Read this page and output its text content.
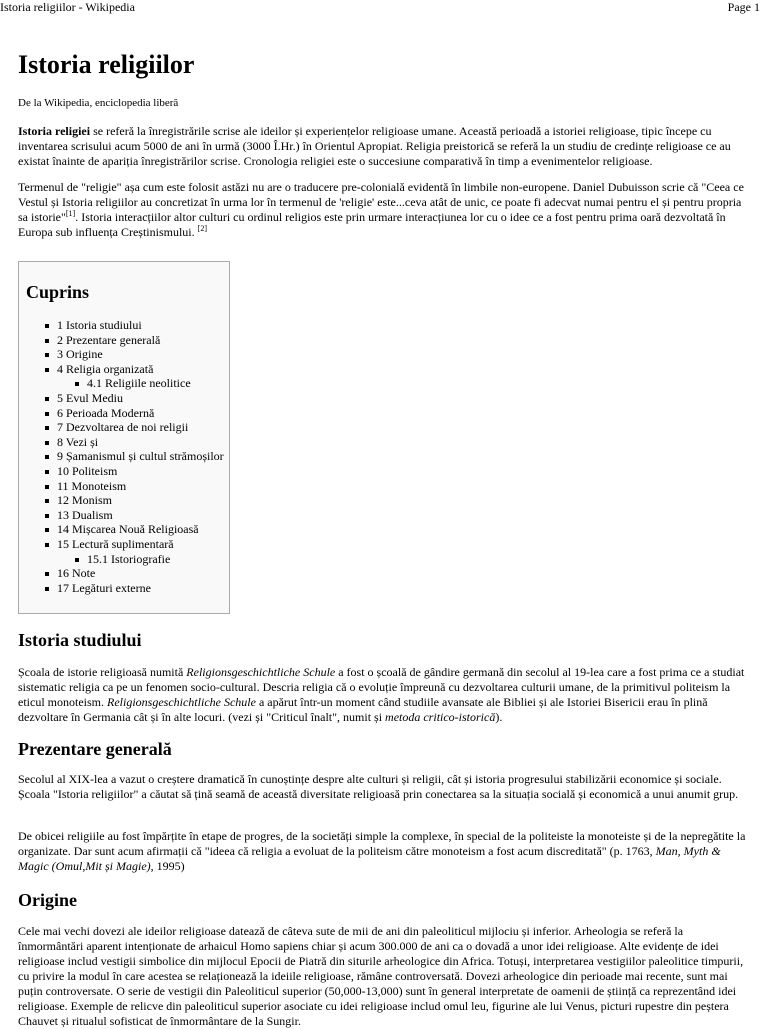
Istoria religiilor - Wikipedia	Page 1
Istoria religiilor
De la Wikipedia, enciclopedia liberă

Istoria religiei se referă la înregistrările scrise ale ideilor și experiențelor religioase umane. Această perioadă a istoriei religioase, tipic începe cu inventarea scrisului acum 5000 de ani în urmă (3000 Î.Hr.) în Orientul Apropiat. Religia preistorică se referă la un studiu de credințe religioase ce au existat înainte de apariția înregistrărilor scrise. Cronologia religiei este o succesiune comparativă în timp a evenimentelor religioase.

Termenul de "religie" așa cum este folosit astăzi nu are o traducere pre-colonială evidentă în limbile non-europene. Daniel Dubuisson scrie că "Ceea ce Vestul și Istoria religiilor au concretizat în urma lor în termenul de 'religie' este...ceva atât de unic, ce poate fi adecvat numai pentru el și pentru propria sa istorie"[1]. Istoria interacțiilor altor culturi cu ordinul religios este prin urmare interacțiunea lor cu o idee ce a fost pentru prima oară dezvoltată în Europa sub influența Creștinismului. [2]

Cuprins
1 Istoria studiului
2 Prezentare generală
3 Origine
4 Religia organizată
4.1 Religiile neolitice
5 Evul Mediu
6 Perioada Modernă
7 Dezvoltarea de noi religii
8 Vezi și
9 Șamanismul și cultul strămoșilor
10 Politeism
11 Monoteism
12 Monism
13 Dualism
14 Mișcarea Nouă Religioasă
15 Lectură suplimentară
15.1 Istoriografie
16 Note
17 Legături externe
Istoria studiului

Școala de istorie religioasă numită Religionsgeschichtliche Schule a fost o școală de gândire germană din secolul al 19-lea care a fost prima ce a studiat sistematic religia ca pe un fenomen socio-cultural. Descria religia că o evoluție împreună cu dezvoltarea culturii umane, de la primitivul politeism la eticul monoteism. Religionsgeschichtliche Schule a apărut într-un moment când studiile avansate ale Bibliei și ale Istoriei Bisericii erau în plină dezvoltare în Germania cât și în alte locuri. (vezi și "Criticul înalt", numit și metoda critico-istorică).

Prezentare generală

Secolul al XIX-lea a vazut o creștere dramatică în cunoștințe despre alte culturi și religii, cât și istoria progresului stabilizării economice și sociale. Școala "Istoria religiilor" a căutat să țină seamă de această diversitate religioasă prin conectarea sa la situația socială și economică a unui anumit grup.

De obicei religiile au fost împărțite în etape de progres, de la societăți simple la complexe, în special de la politeiste la monoteiste și de la nepregătite la organizate. Dar sunt acum afirmații că "ideea că religia a evoluat de la politeism către monoteism a fost acum discreditată" (p. 1763, Man, Myth & Magic (Omul,Mit și Magie), 1995)

Origine

Cele mai vechi dovezi ale ideilor religioase datează de câteva sute de mii de ani din paleoliticul mijlociu și inferior. Arheologia se referă la înmormântări aparent intenționate de arhaicul Homo sapiens chiar și acum 300.000 de ani ca o dovadă a unor idei religioase. Alte evidențe de idei religioase includ vestigii simbolice din mijlocul Epocii de Piatră din siturile arheologice din Africa. Totuși, interpretarea vestigiilor paleolitice timpurii, cu privire la modul în care acestea se relaționează la ideiile religioase, rămâne controversată. Dovezi arheologice din perioade mai recente, sunt mai puțin controversate. O serie de vestigii din Paleoliticul superior (50,000-13,000) sunt în general interpretate de oamenii de știință ca reprezentând idei religioase. Exemple de relicve din paleoliticul superior asociate cu idei religioase includ omul leu, figurine ale lui Venus, picturi rupestre din peștera Chauvet și ritualul sofisticat de înmormântare de la Sungir.
